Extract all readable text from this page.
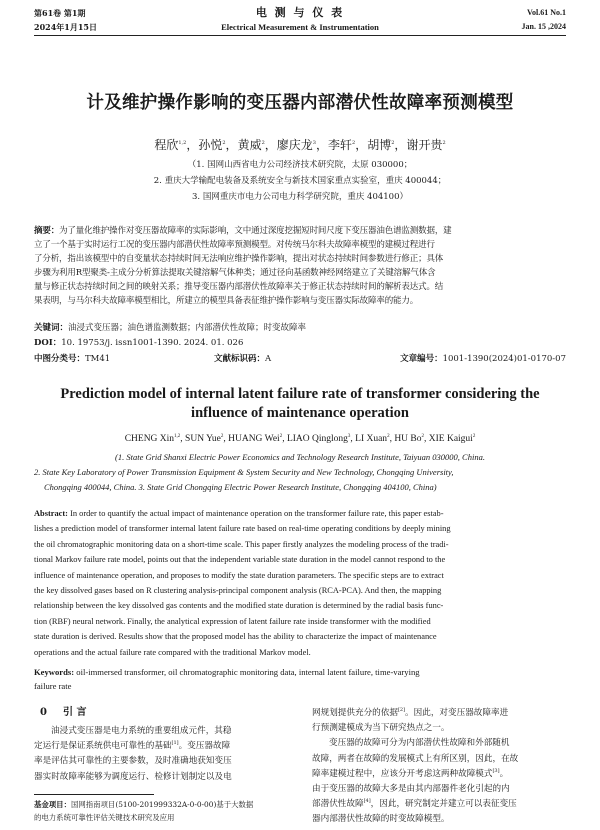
第61卷 第1期
2024年1月15日
电 测 与 仪 表
Electrical Measurement & Instrumentation
Vol.61 No.1
Jan. 15 ,2024
计及维护操作影响的变压器内部潜伏性故障率预测模型
程欣$^{1,2}$，孙悦$^2$，黄威$^2$，廖庆龙$^3$，李轩$^2$，胡博$^2$，谢开贵$^2$
（1. 国网山西省电力公司经济技术研究院，太原 030000；
2. 重庆大学输配电装备及系统安全与新技术国家重点实验室，重庆 400044；
3. 国网重庆市电力公司电力科学研究院，重庆 404100）
摘要：为了量化维护操作对变压器故障率的实际影响，文中通过深度挖掘短时间尺度下变压器油色谱监测数据，建
立了一个基于实时运行工况的变压器内部潜伏性故障率预测模型。对传统马尔科夫故障率模型的建模过程进行
了分析，指出该模型中的自变量状态持续时间无法响应维护操作影响，提出对状态持续时间参数进行修正；具体
步骤为利用R型聚类-主成分分析算法提取关键溶解气体种类；通过径向基函数神经网络建立了关键溶解气体含
量与修正状态持续时间之间的映射关系；推导变压器内部潜伏性故障率关于修正状态持续时间的解析表达式。结
果表明，与马尔科夫故障率模型相比，所建立的模型具备表征维护操作影响与变压器实际故障率的能力。
关键词：油浸式变压器；油色谱监测数据；内部潜伏性故障；时变故障率
DOI：10. 19753/j. issn1001-1390. 2024. 01. 026
中图分类号：TM41	文献标识码：A	文章编号：1001-1390(2024)01-0170-07
Prediction model of internal latent failure rate of transformer considering the
influence of maintenance operation
CHENG Xin$^{1,2}$, SUN Yue$^2$, HUANG Wei$^2$, LIAO Qinglong$^3$, LI Xuan$^2$, HU Bo$^2$, XIE Kaigui$^2$
(1. State Grid Shanxi Electric Power Economics and Technology Research Institute, Taiyuan 030000, China.
2. State Key Laboratory of Power Transmission Equipment & System Security and New Technology, Chongqing University,
Chongqing 400044, China. 3. State Grid Chongqing Electric Power Research Institute, Chongqing 404100, China)
Abstract: In order to quantify the actual impact of maintenance operation on the transformer failure rate, this paper estab-
lishes a prediction model of transformer internal latent failure rate based on real-time operating conditions by deeply mining
the oil chromatographic monitoring data on a short-time scale. This paper firstly analyzes the modeling process of the tradi-
tional Markov failure rate model, points out that the independent variable state duration in the model cannot respond to the
influence of maintenance operation, and proposes to modify the state duration parameters. The specific steps are to extract
the key dissolved gases based on R clustering analysis-principal component analysis (RCA-PCA). And then, the mapping
relationship between the key dissolved gas contents and the modified state duration is determined by the radial basis func-
tion (RBF) neural network. Finally, the analytical expression of latent failure rate inside transformer with the modified
state duration is derived. Results show that the proposed model has the ability to characterize the impact of maintenance
operations and the actual failure rate compared with the traditional Markov model.
Keywords: oil-immersed transformer, oil chromatographic monitoring data, internal latent failure, time-varying
failure rate
0 引 言
油浸式变压器是电力系统的重要组成元件，其稳
定运行是保证系统供电可靠性的基础[1]。变压器故障
率是评估其可靠性的主要参数，及时准确地获知变压
器实时故障率能够为调度运行、检修计划制定以及电
基金项目：国网指南项目(5100-201999332A-0-0-00)基于大数据
的电力系统可靠性评估关键技术研究及应用
网规划提供充分的依据[2]。因此，对变压器故障率进
行预测建模成为当下研究热点之一。
变压器的故障可分为内部潜伏性故障和外部随机
故障，两者在故障的发展模式上有所区别，因此，在故
障率建模过程中，应该分开考虑这两种故障模式[3]。
由于变压器的故障大多是由其内部器件老化引起的内
部潜伏性故障[4]，因此，研究制定并建立可以表征变压
器内部潜伏性故障的时变故障模型。
